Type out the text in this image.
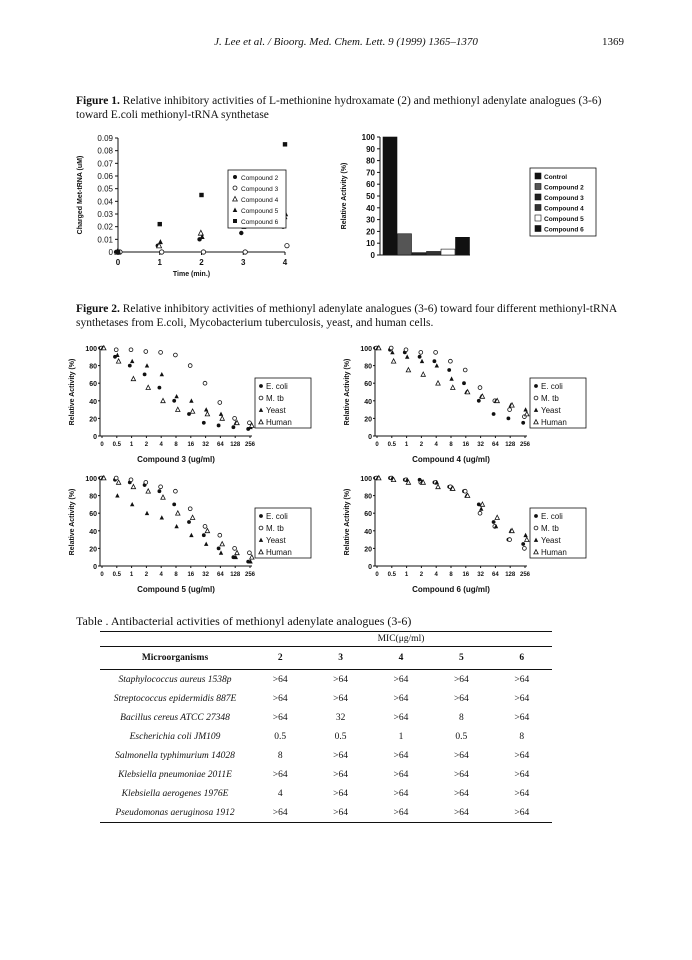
J. Lee et al. / Bioorg. Med. Chem. Lett. 9 (1999) 1365–1370	1369
Figure 1. Relative inhibitory activities of L-methionine hydroxamate (2) and methionyl adenylate analogues (3-6) toward E.coli methionyl-tRNA synthetase
0
0.01
0.02
0.03
0.04
0.05
0.06
0.07
0.08
0.09
0	1	2	3	4
Time (min.)
Charged Met-tRNA (uM)	Compound 2
Compound 3
Compound 4
Compound 5
Compound 6
0
10
20
30
40
50
60
70
80
90
100
Relative Activity (%)	Control
Compound 2
Compound 3
Compound 4
Compound 5
Compound 6
Figure 2. Relative inhibitory activities of methionyl adenylate analogues (3-6) toward four different methionyl-tRNA synthetases from E.coli, Mycobacterium tuberculosis, yeast, and human cells.
0
20
40
60
80
100
0 0.5 1 2 4 8 16 32 64 128 256
Compound 3 (ug/ml)
Relative Activity (%)	E. coli
M. tb
Yeast
Human
0
20
40
60
80
100
0 0.5 1 2 4 8 16 32 64 128 256
Compound 4 (ug/ml)
Relative Activity (%)	E. coli
M. tb
Yeast
Human
0
20
40
60
80
100
0 0.5 1 2 4 8 16 32 64 128 256
Compound 5 (ug/ml)
Relative Activity (%)	E. coli
M. tb
Yeast
Human
0
20
40
60
80
100
0 0.5 1 2 4 8 16 32 64 128 256
Compound 6 (ug/ml)
Relative Activity (%)	E. coli
M. tb
Yeast
Human
Table . Antibacterial activities of methionyl adenylate analogues (3-6)
	MIC(μg/ml)				
Microorganisms	2	3	4	5	6
Staphylococcus aureus 1538p	>64	>64	>64	>64	>64
Streptococcus epidermidis 887E	>64	>64	>64	>64	>64
Bacillus cereus ATCC 27348	>64	32	>64	8	>64
Escherichia coli JM109	0.5	0.5	1	0.5	8
Salmonella typhimurium 14028	8	>64	>64	>64	>64
Klebsiella pneumoniae 2011E	>64	>64	>64	>64	>64
Klebsiella aerogenes 1976E	4	>64	>64	>64	>64
Pseudomonas aeruginosa 1912	>64	>64	>64	>64	>64
